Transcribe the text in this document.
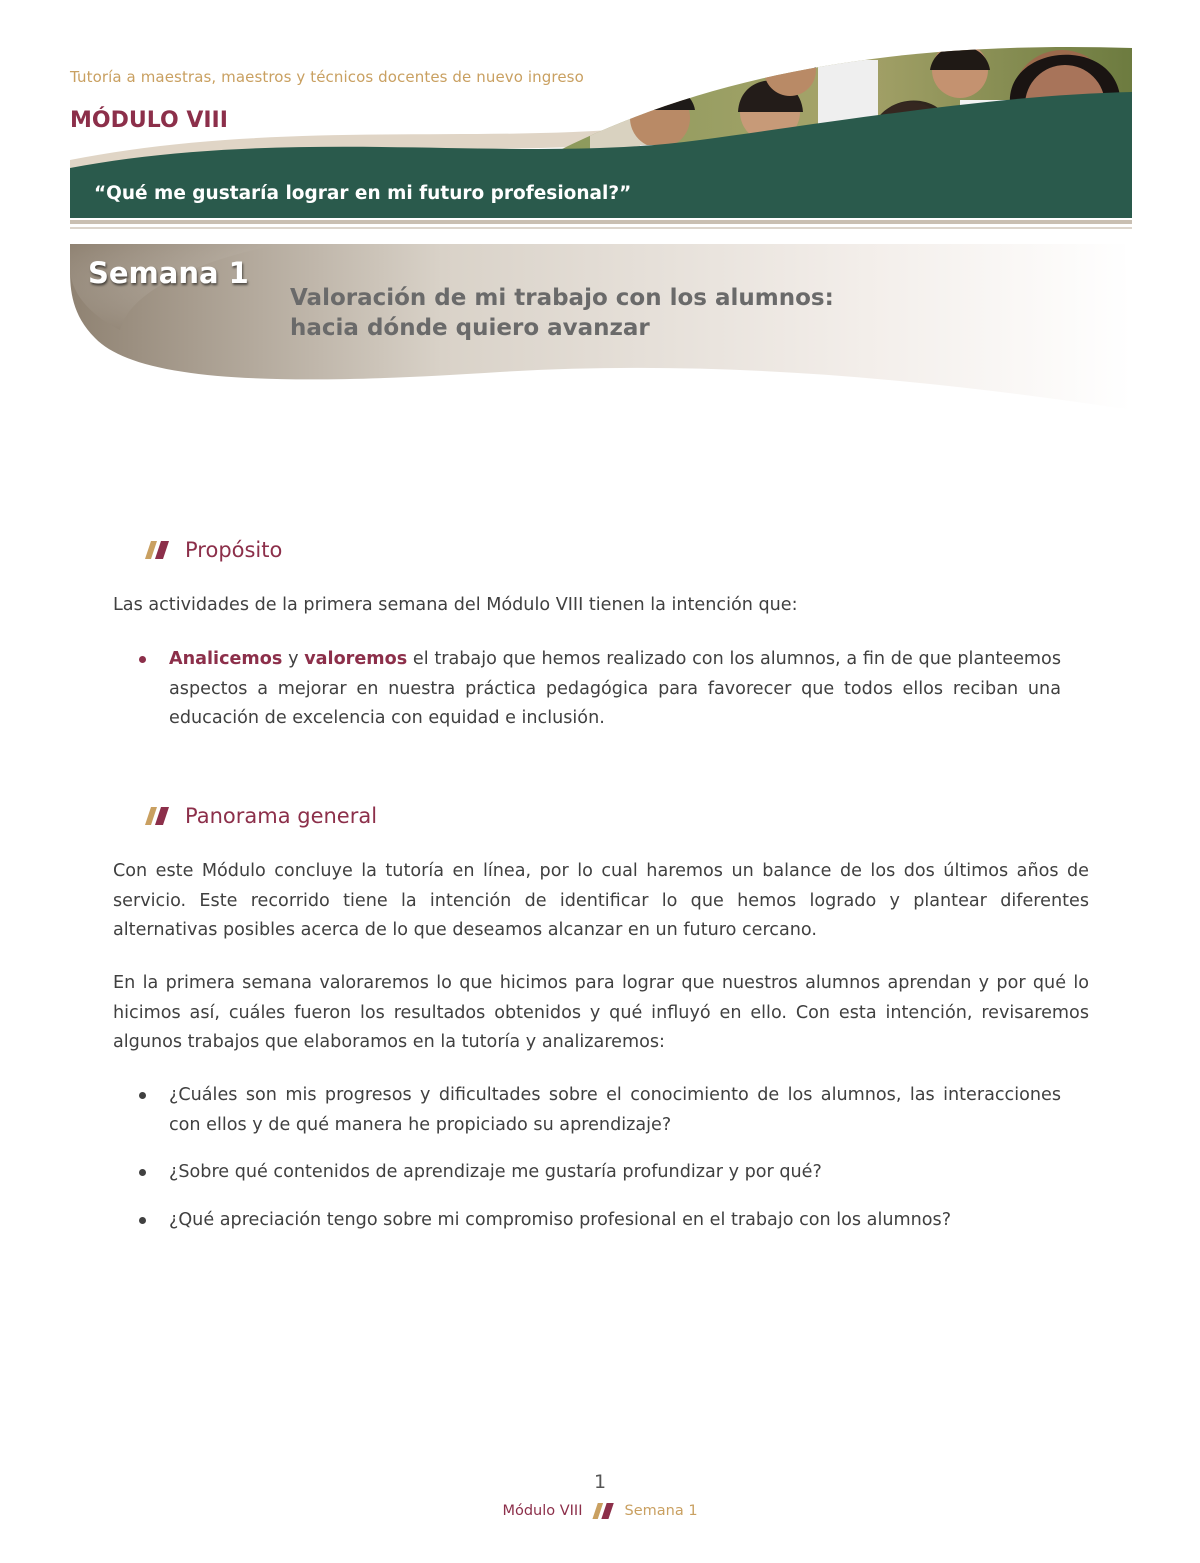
Tutoría a maestras, maestros y técnicos docentes de nuevo ingreso
MÓDULO VIII
“Qué me gustaría lograr en mi futuro profesional?”
Semana 1
Valoración de mi trabajo con los alumnos:
hacia dónde quiero avanzar
Propósito
Las actividades de la primera semana del Módulo VIII tienen la intención que:
Analicemos y valoremos el trabajo que hemos realizado con los alumnos, a fin de que planteemos aspectos a mejorar en nuestra práctica pedagógica para favorecer que todos ellos reciban una educación de excelencia con equidad e inclusión.
Panorama general
Con este Módulo concluye la tutoría en línea, por lo cual haremos un balance de los dos últimos años de servicio. Este recorrido tiene la intención de identificar lo que hemos logrado y plantear diferentes alternativas posibles acerca de lo que deseamos alcanzar en un futuro cercano.
En la primera semana valoraremos lo que hicimos para lograr que nuestros alumnos aprendan y por qué lo hicimos así, cuáles fueron los resultados obtenidos y qué influyó en ello. Con esta intención, revisaremos algunos trabajos que elaboramos en la tutoría y analizaremos:
¿Cuáles son mis progresos y dificultades sobre el conocimiento de los alumnos, las interacciones con ellos y de qué manera he propiciado su aprendizaje?
¿Sobre qué contenidos de aprendizaje me gustaría profundizar y por qué?
¿Qué apreciación tengo sobre mi compromiso profesional en el trabajo con los alumnos?
1
Módulo VIII	Semana 1
